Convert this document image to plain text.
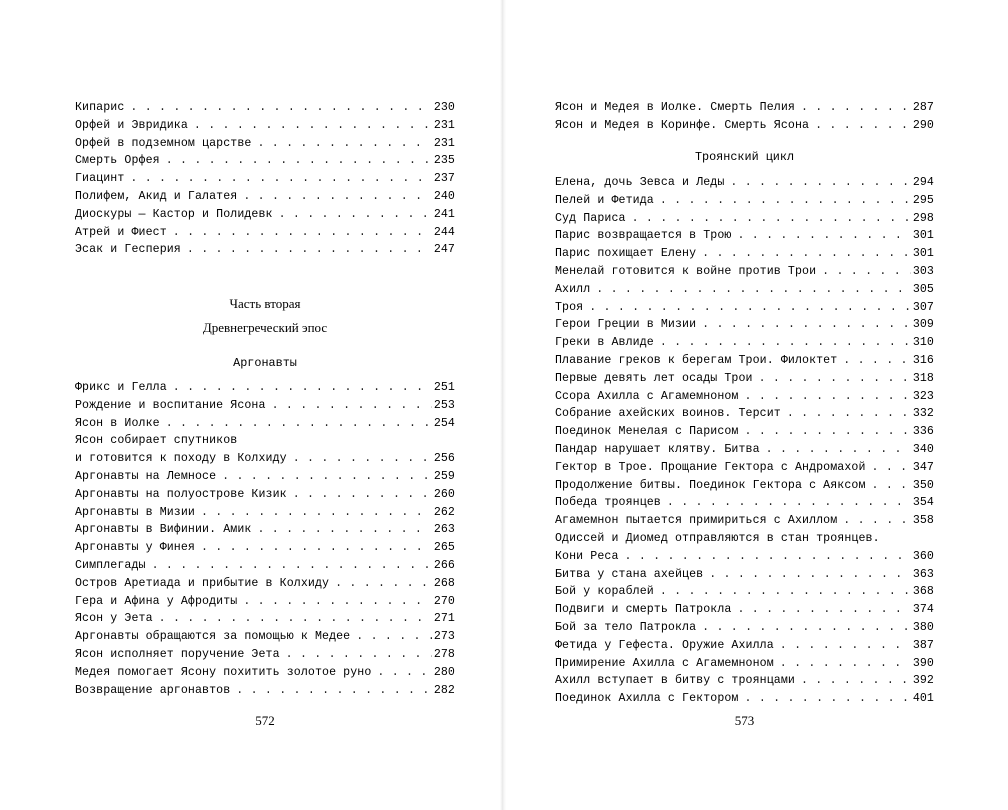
Кипарис . . .	230
Орфей и Эвридика . . .	231
Орфей в подземном царстве . . .	231
Смерть Орфея . . .	235
Гиацинт . . .	237
Полифем, Акид и Галатея . . .	240
Диоскуры — Кастор и Полидевк . . .	241
Атрей и Фиест . . .	244
Эсак и Гесперия . . .	247
Часть вторая
Древнегреческий эпос
Аргонавты
Фрикс и Гелла . . .	251
Рождение и воспитание Ясона . . .	253
Ясон в Иолке . . .	254
Ясон собирает спутников
и готовится к походу в Колхиду . . .	256
Аргонавты на Лемносе . . .	259
Аргонавты на полуострове Кизик . . .	260
Аргонавты в Мизии . . .	262
Аргонавты в Вифинии. Амик . . .	263
Аргонавты у Финея . . .	265
Симплегады . . .	266
Остров Аретиада и прибытие в Колхиду . . .	268
Гера и Афина у Афродиты . . .	270
Ясон у Эета . . .	271
Аргонавты обращаются за помощью к Медее . . .	273
Ясон исполняет поручение Эета . . .	278
Медея помогает Ясону похитить золотое руно . . .	280
Возвращение аргонавтов . . .	282
572
Ясон и Медея в Иолке. Смерть Пелия . . .	287
Ясон и Медея в Коринфе. Смерть Ясона . . .	290
Троянский цикл
Елена, дочь Зевса и Леды . . .	294
Пелей и Фетида . . .	295
Суд Париса . . .	298
Парис возвращается в Трою . . .	301
Парис похищает Елену . . .	301
Менелай готовится к войне против Трои . . .	303
Ахилл . . .	305
Троя . . .	307
Герои Греции в Мизии . . .	309
Греки в Авлиде . . .	310
Плавание греков к берегам Трои. Филоктет . . .	316
Первые девять лет осады Трои . . .	318
Ссора Ахилла с Агамемноном . . .	323
Собрание ахейских воинов. Терсит . . .	332
Поединок Менелая с Парисом . . .	336
Пандар нарушает клятву. Битва . . .	340
Гектор в Трое. Прощание Гектора с Андромахой . . .	347
Продолжение битвы. Поединок Гектора с Аяксом . . .	350
Победа троянцев . . .	354
Агамемнон пытается примириться с Ахиллом . . .	358
Одиссей и Диомед отправляются в стан троянцев.
Кони Реса . . .	360
Битва у стана ахейцев . . .	363
Бой у кораблей . . .	368
Подвиги и смерть Патрокла . . .	374
Бой за тело Патрокла . . .	380
Фетида у Гефеста. Оружие Ахилла . . .	387
Примирение Ахилла с Агамемноном . . .	390
Ахилл вступает в битву с троянцами . . .	392
Поединок Ахилла с Гектором . . .	401
573
